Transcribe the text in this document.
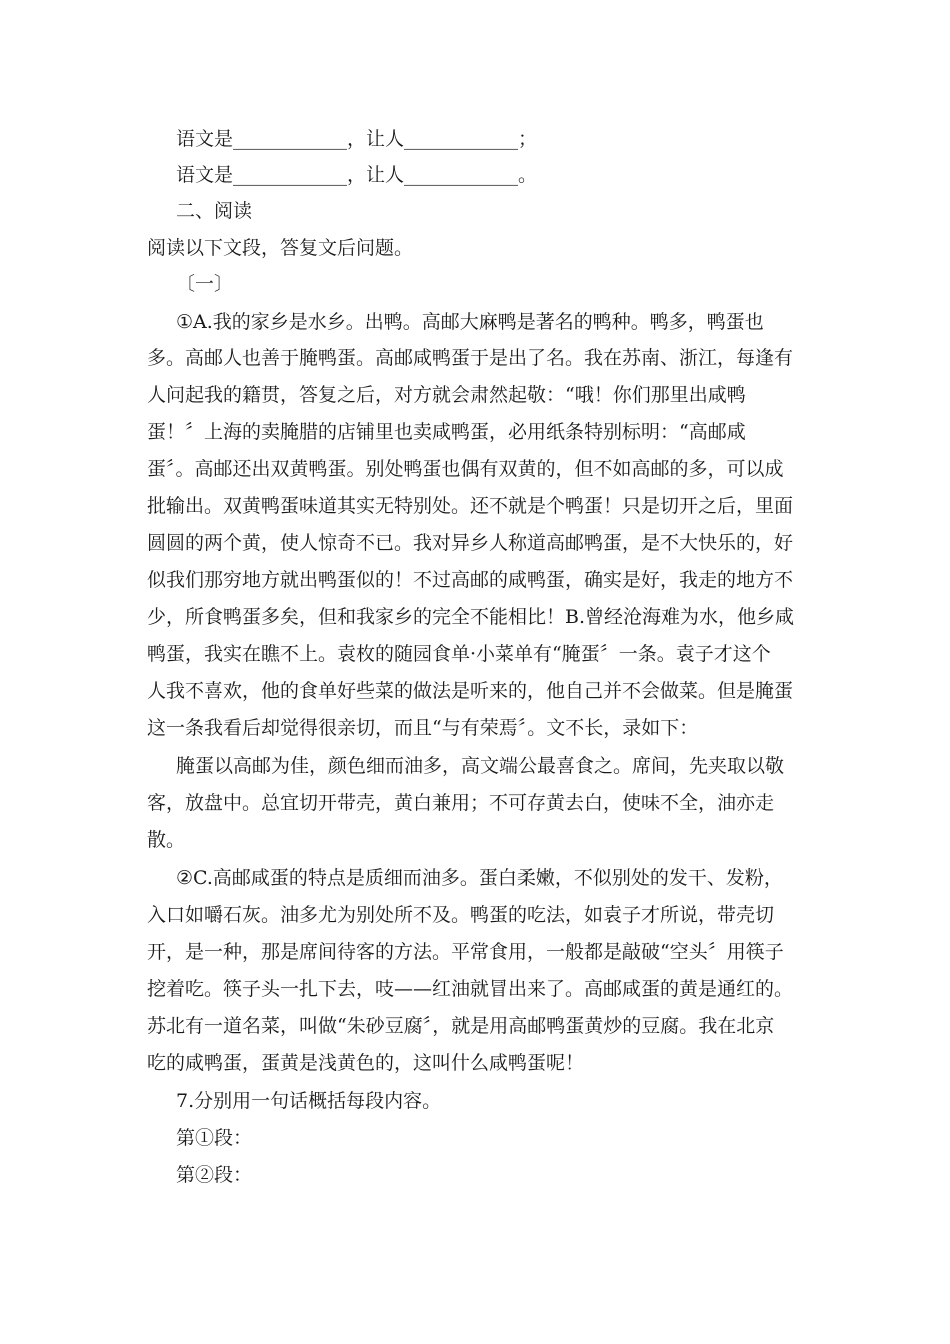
语文是____________，让人____________；
语文是____________，让人____________。
二、阅读
阅读以下文段，答复文后问题。
〔一〕
①A.我的家乡是水乡。出鸭。高邮大麻鸭是著名的鸭种。鸭多，鸭蛋也
多。高邮人也善于腌鸭蛋。高邮咸鸭蛋于是出了名。我在苏南、浙江，每逢有
人问起我的籍贯，答复之后，对方就会肃然起敬：“哦！你们那里出咸鸭
蛋！〞上海的卖腌腊的店铺里也卖咸鸭蛋，必用纸条特别标明：“高邮咸
蛋〞。高邮还出双黄鸭蛋。别处鸭蛋也偶有双黄的，但不如高邮的多，可以成
批输出。双黄鸭蛋味道其实无特别处。还不就是个鸭蛋！只是切开之后，里面
圆圆的两个黄，使人惊奇不已。我对异乡人称道高邮鸭蛋，是不大快乐的，好
似我们那穷地方就出鸭蛋似的！不过高邮的咸鸭蛋，确实是好，我走的地方不
少，所食鸭蛋多矣，但和我家乡的完全不能相比！B.曾经沧海难为水，他乡咸
鸭蛋，我实在瞧不上。袁枚的随园食单·小菜单有“腌蛋〞一条。袁子才这个
人我不喜欢，他的食单好些菜的做法是听来的，他自己并不会做菜。但是腌蛋
这一条我看后却觉得很亲切，而且“与有荣焉〞。文不长，录如下：
腌蛋以高邮为佳，颜色细而油多，高文端公最喜食之。席间，先夹取以敬
客，放盘中。总宜切开带壳，黄白兼用；不可存黄去白，使味不全，油亦走
散。
②C.高邮咸蛋的特点是质细而油多。蛋白柔嫩，不似别处的发干、发粉，
入口如嚼石灰。油多尤为别处所不及。鸭蛋的吃法，如袁子才所说，带壳切
开，是一种，那是席间待客的方法。平常食用，一般都是敲破“空头〞用筷子
挖着吃。筷子头一扎下去，吱——红油就冒出来了。高邮咸蛋的黄是通红的。
苏北有一道名菜，叫做“朱砂豆腐〞，就是用高邮鸭蛋黄炒的豆腐。我在北京
吃的咸鸭蛋，蛋黄是浅黄色的，这叫什么咸鸭蛋呢！
7.分别用一句话概括每段内容。
第①段：
第②段：
